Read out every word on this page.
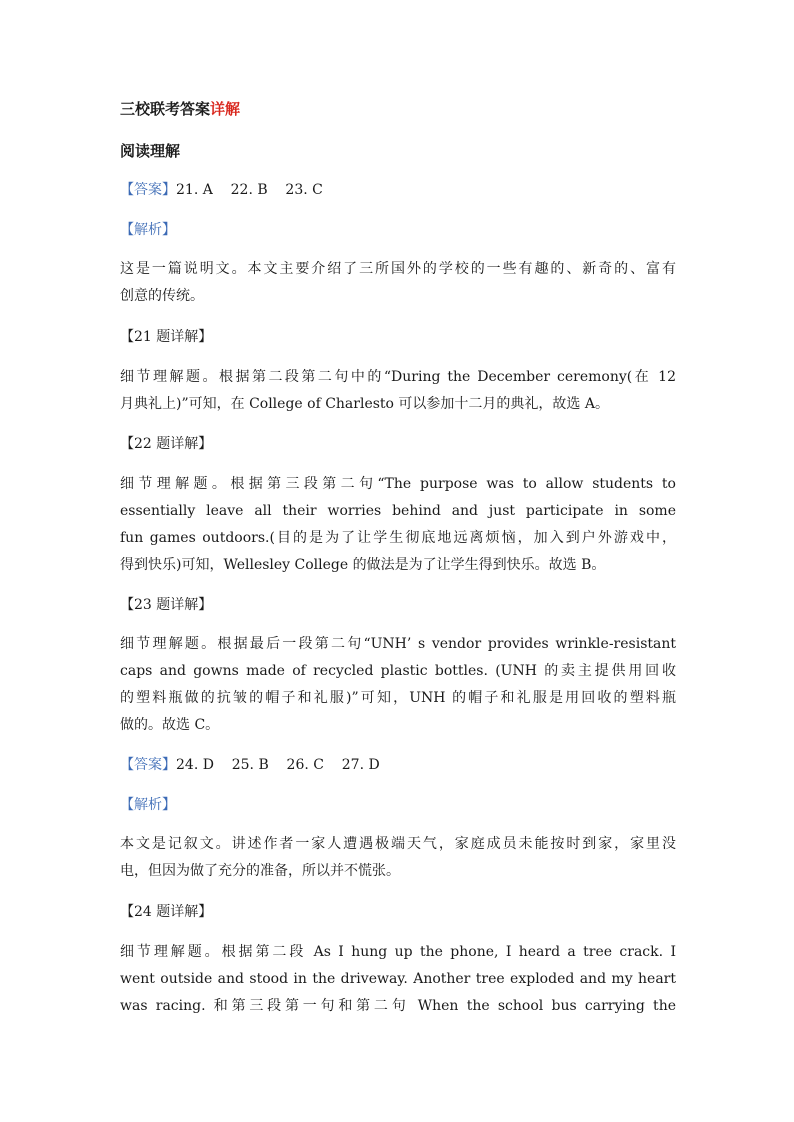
三校联考答案详解
阅读理解
【答案】21. A    22. B    23. C
【解析】
这是一篇说明文。本文主要介绍了三所国外的学校的一些有趣的、新奇的、富有
创意的传统。
【21 题详解】
细节理解题。根据第二段第二句中的“During the December ceremony(在 12
月典礼上)”可知，在 College of Charlesto 可以参加十二月的典礼，故选 A。
【22 题详解】
细节理解题。根据第三段第二句“The purpose was to allow students to
essentially leave all their worries behind and just participate in some
fun games outdoors.(目的是为了让学生彻底地远离烦恼，加入到户外游戏中，
得到快乐)可知，Wellesley College 的做法是为了让学生得到快乐。故选 B。
【23 题详解】
细节理解题。根据最后一段第二句“UNH’ s vendor provides wrinkle-resistant
caps and gowns made of recycled plastic bottles. (UNH 的卖主提供用回收
的塑料瓶做的抗皱的帽子和礼服)”可知，UNH 的帽子和礼服是用回收的塑料瓶
做的。故选 C。
【答案】24. D    25. B    26. C    27. D
【解析】
本文是记叙文。讲述作者一家人遭遇极端天气，家庭成员未能按时到家，家里没
电，但因为做了充分的准备，所以并不慌张。
【24 题详解】
细节理解题。根据第二段 As I hung up the phone, I heard a tree crack. I
went outside and stood in the driveway. Another tree exploded and my heart
was racing. 和第三段第一句和第二句 When the school bus carrying the
